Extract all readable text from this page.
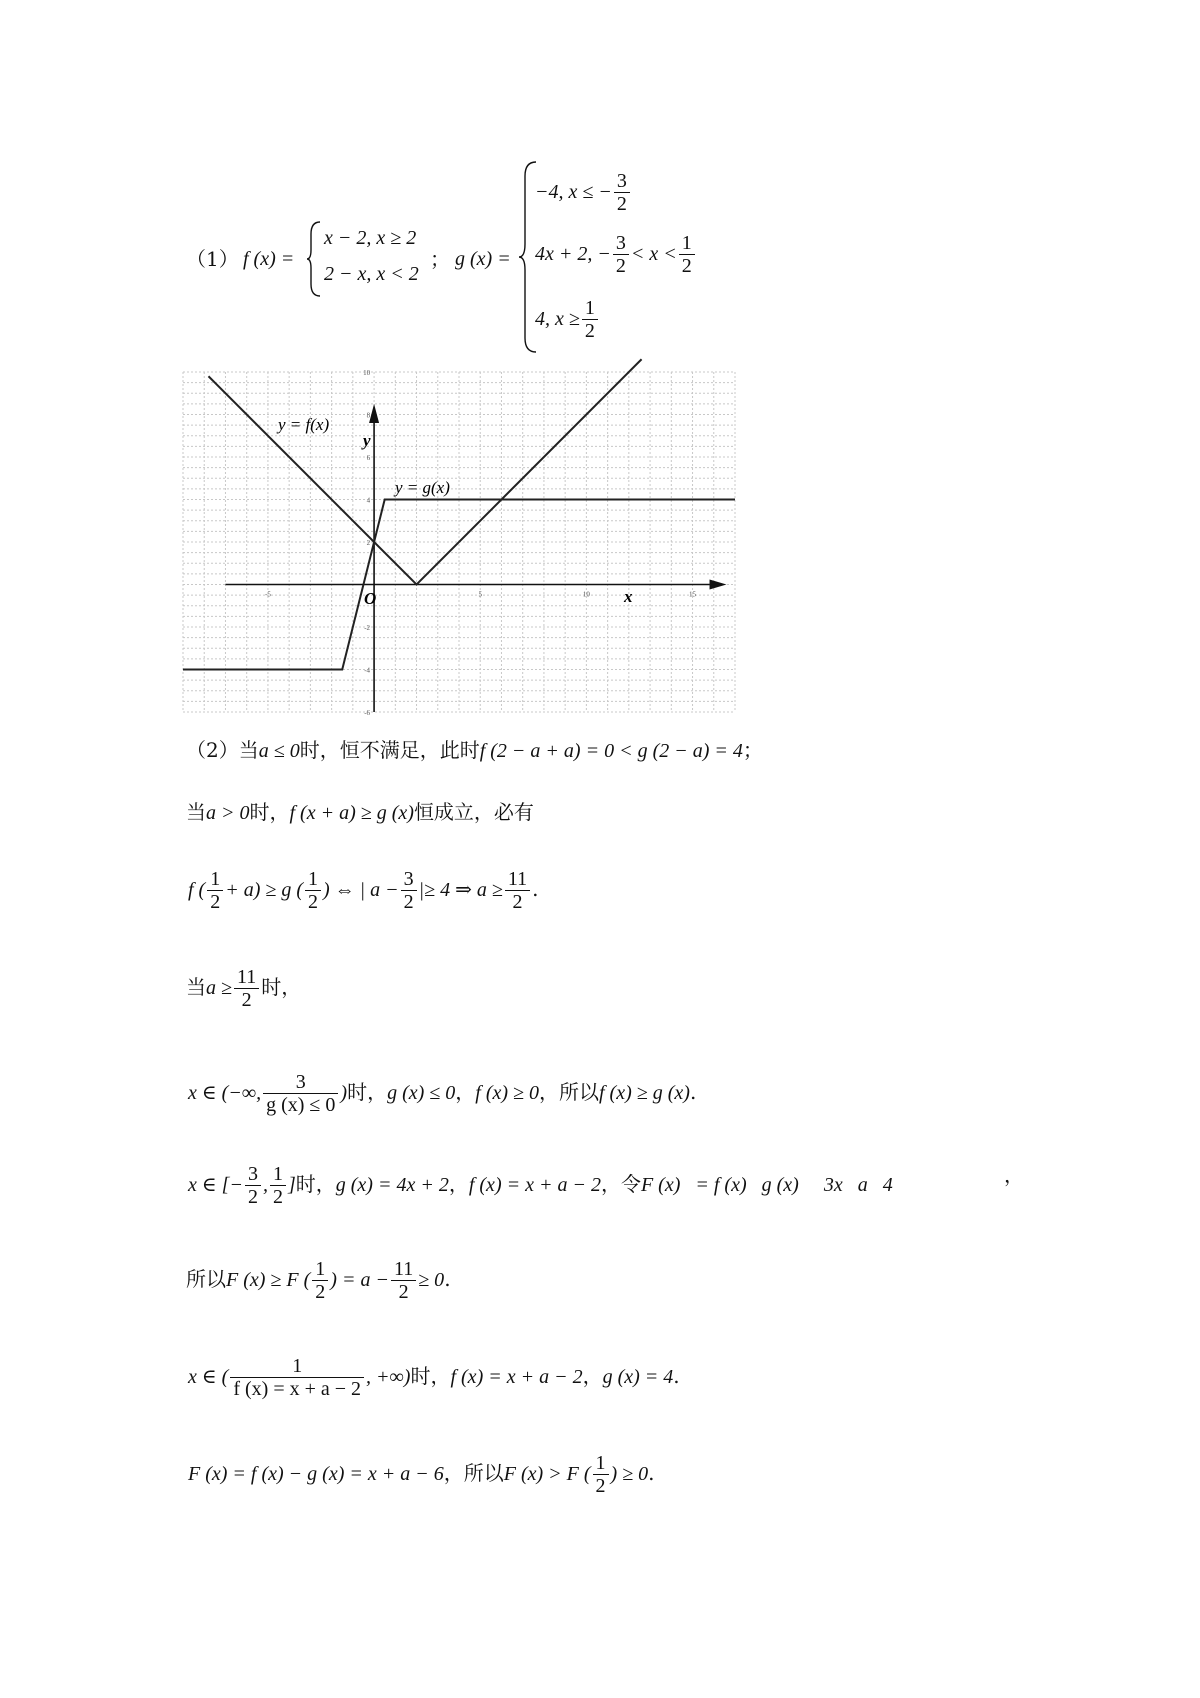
（1） f (x) =
x − 2, x ≥ 2
2 − x, x < 2
； g (x) =
−4, x ≤ − $\frac{3}{2}$
4x + 2, − $\frac{3}{2} < x < \frac{1}{2}$
4, $x \ge \frac{1}{2}$
-5	5	10	15
10
8
6
4
2
-2
-4
-6
y = f(x)
y = g(x)
x
y
O
（2）当a ≤ 0时，恒不满足，此时f (2 − a + a) = 0 < g (2 − a) = 4；
当a > 0时，f (x + a) ≥ g (x)恒成立，必有
f ( $\frac{1}{2} + a) \ge g$ ( $\frac{1}{2}$ ) ⇔ | $a - \frac{3}{2}$ |≥ 4 ⇒ $a \ge \frac{11}{2}$ .
当$a \ge \frac{11}{2}$ 时，
x ∈ (−∞, $\frac{3}{g (x) \le 0}$ )时，g (x) ≤ 0，f (x) ≥ 0，所以f (x) ≥ g (x).
x ∈ [− $\frac{3}{2}$ , $\frac{1}{2}$ ]时，g (x) = 4x + 2，f (x) = x + a − 2，令F (x)   = f (x)   g (x)     3x   a   4	，
所以F (x) ≥ F ( $\frac{1}{2}$ ) = $a - \frac{11}{2} \ge 0$.
x ∈ ( $\frac{1}{f (x) = x + a - 2}$ , +∞)时，f (x) = x + a − 2，g (x) = 4.
F (x) = f (x) − g (x) = x + a − 6，所以F (x) > F ( $\frac{1}{2}$ ) ≥ 0.
